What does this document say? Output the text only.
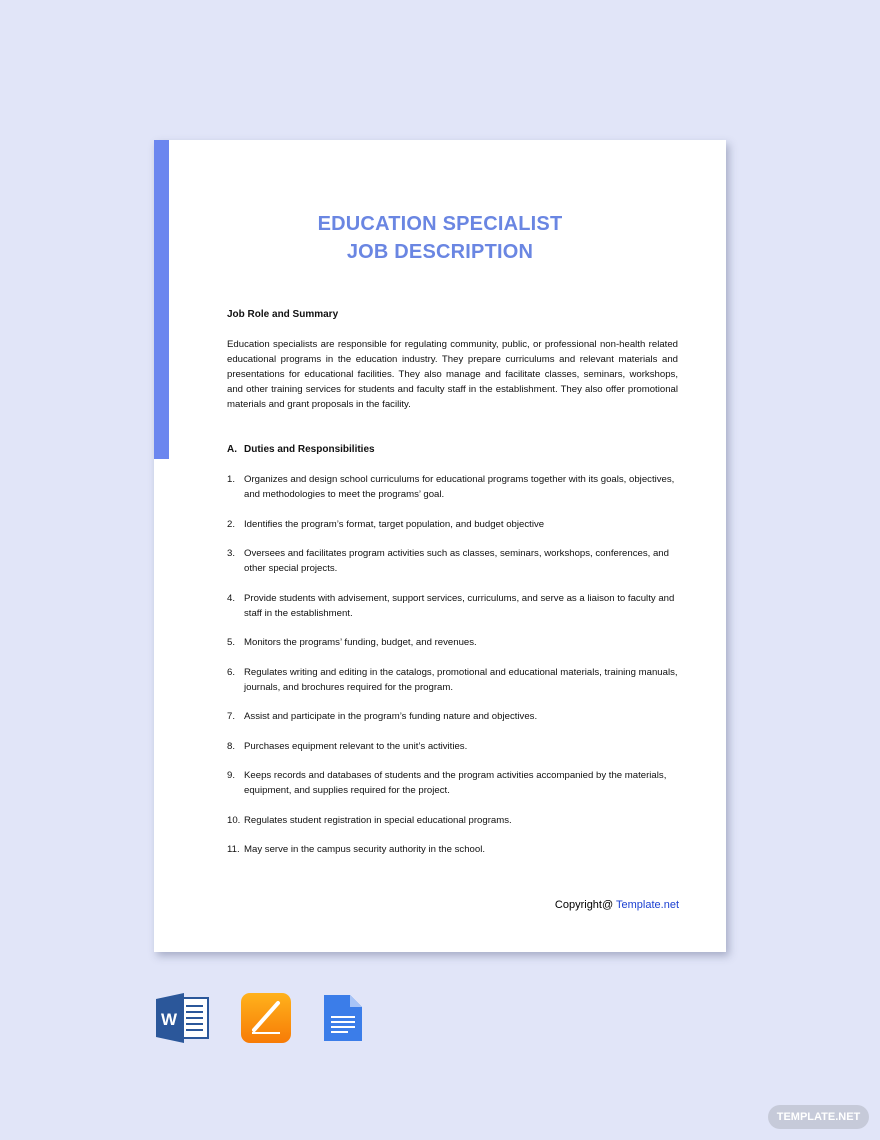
EDUCATION SPECIALIST
JOB DESCRIPTION
Job Role and Summary
Education specialists are responsible for regulating community, public, or professional non-health related educational programs in the education industry. They prepare curriculums and relevant materials and presentations for educational facilities. They also manage and facilitate classes, seminars, workshops, and other training services for students and faculty staff in the establishment. They also offer promotional materials and grant proposals in the facility.
A. Duties and Responsibilities
1. Organizes and design school curriculums for educational programs together with its goals, objectives, and methodologies to meet the programs’ goal.
2. Identifies the program’s format, target population, and budget objective
3. Oversees and facilitates program activities such as classes, seminars, workshops, conferences, and other special projects.
4. Provide students with advisement, support services, curriculums, and serve as a liaison to faculty and staff in the establishment.
5. Monitors the programs’ funding, budget, and revenues.
6. Regulates writing and editing in the catalogs, promotional and educational materials, training manuals, journals, and brochures required for the program.
7. Assist and participate in the program’s funding nature and objectives.
8. Purchases equipment relevant to the unit’s activities.
9. Keeps records and databases of students and the program activities accompanied by the materials, equipment, and supplies required for the project.
10. Regulates student registration in special educational programs.
11. May serve in the campus security authority in the school.
Copyright@ Template.net
W
TEMPLATE.NET
